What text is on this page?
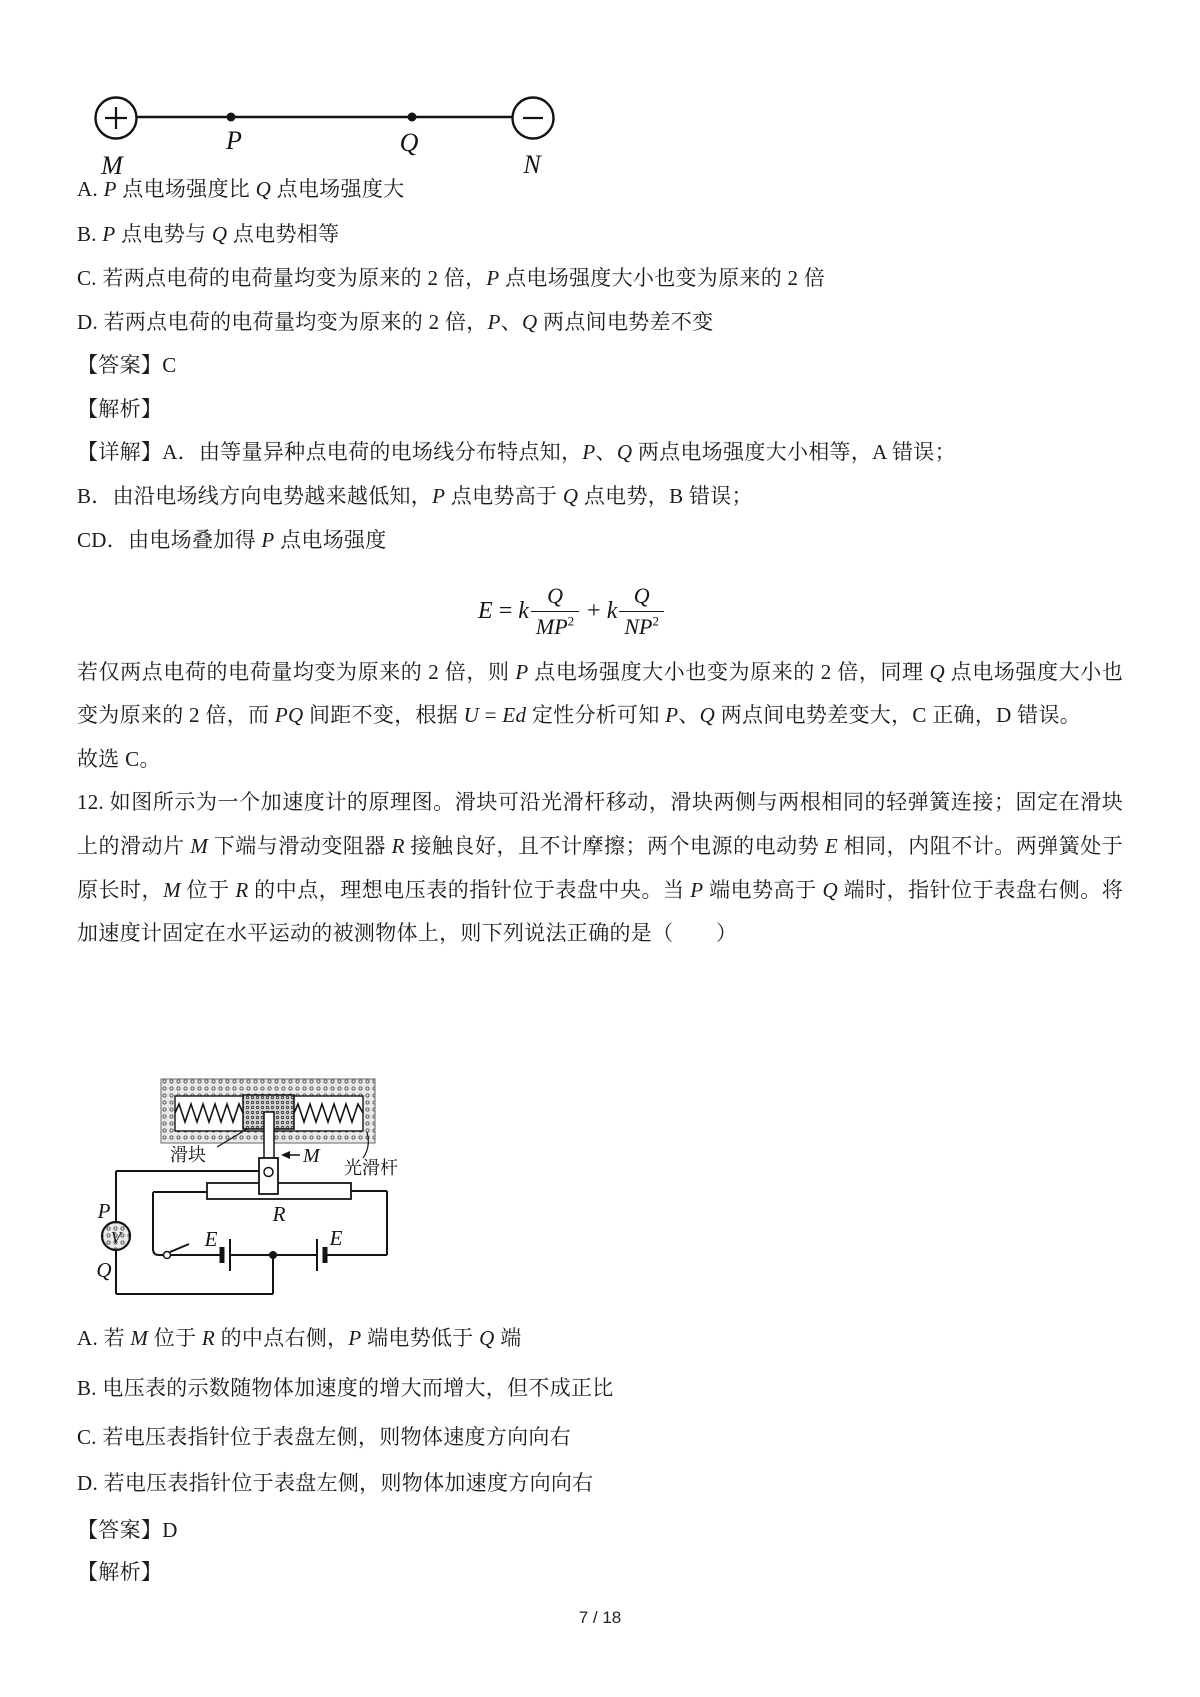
P	Q
M	N
A. P 点电场强度比 Q 点电场强度大
B. P 点电势与 Q 点电势相等
C. 若两点电荷的电荷量均变为原来的 2 倍，P 点电场强度大小也变为原来的 2 倍
D. 若两点电荷的电荷量均变为原来的 2 倍，P、Q 两点间电势差不变
【答案】C
【解析】
【详解】A．由等量异种点电荷的电场线分布特点知，P、Q 两点电场强度大小相等，A 错误；
B．由沿电场线方向电势越来越低知，P 点电势高于 Q 点电势，B 错误；
CD．由电场叠加得 P 点电场强度
E = k $\frac{Q}{MP^2} + k \frac{Q}{NP^2}$
若仅两点电荷的电荷量均变为原来的 2 倍，则 P 点电场强度大小也变为原来的 2 倍，同理 Q 点电场强度大小也
变为原来的 2 倍，而 PQ 间距不变，根据 U = Ed 定性分析可知 P、Q 两点间电势差变大，C 正确，D 错误。
故选 C。
12. 如图所示为一个加速度计的原理图。滑块可沿光滑杆移动，滑块两侧与两根相同的轻弹簧连接；固定在滑块
上的滑动片 M 下端与滑动变阻器 R 接触良好，且不计摩擦；两个电源的电动势 E 相同，内阻不计。两弹簧处于
原长时，M 位于 R 的中点，理想电压表的指针位于表盘中央。当 P 端电势高于 Q 端时，指针位于表盘右侧。将
加速度计固定在水平运动的被测物体上，则下列说法正确的是（　　）
V
滑块	M
光滑杆
R
P
Q
E	E
A. 若 M 位于 R 的中点右侧，P 端电势低于 Q 端
B. 电压表的示数随物体加速度的增大而增大，但不成正比
C. 若电压表指针位于表盘左侧，则物体速度方向向右
D. 若电压表指针位于表盘左侧，则物体加速度方向向右
【答案】D
【解析】
7 / 18
